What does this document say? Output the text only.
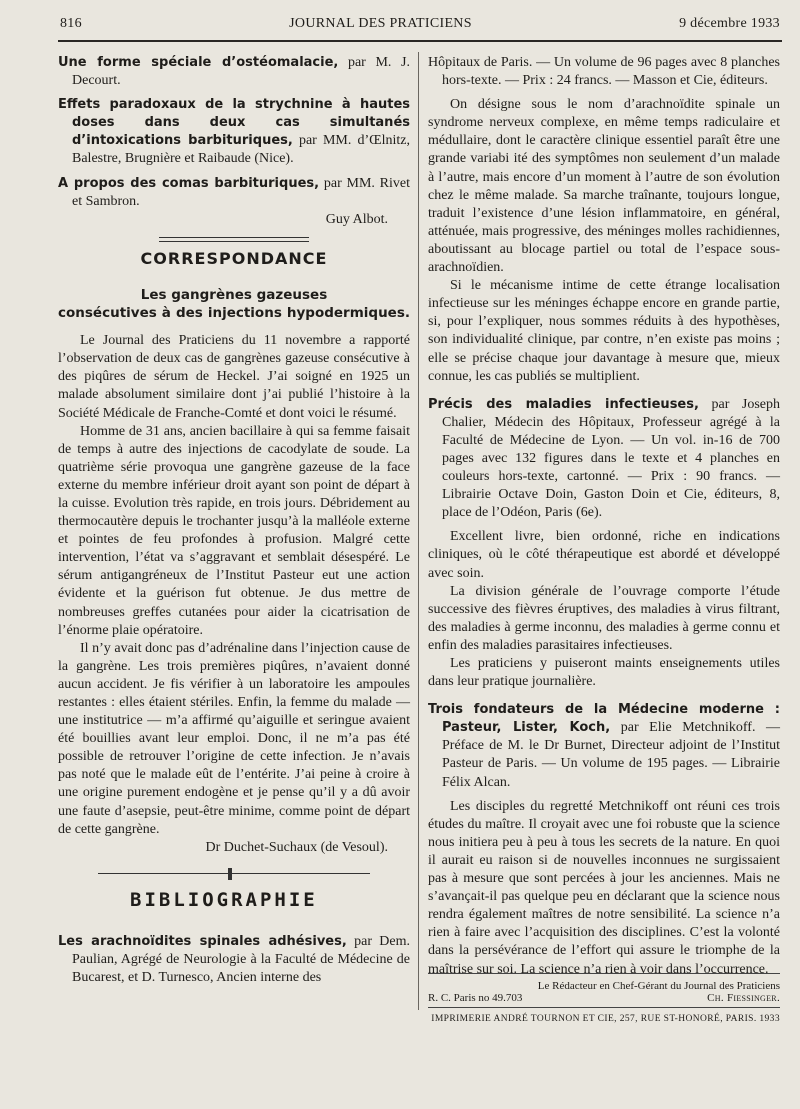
816	JOURNAL DES PRATICIENS	9 décembre 1933

Une forme spéciale d’ostéomalacie, par M. J. Decourt.

Effets paradoxaux de la strychnine à hautes doses dans deux cas simultanés d’intoxications barbituriques, par MM. d’Œlnitz, Balestre, Brugnière et Raibaude (Nice).

A propos des comas barbituriques, par MM. Rivet et Sambron.

Guy Albot.

CORRESPONDANCE

Les gangrènes gazeuses

consécutives à des injections hypodermiques.

Le Journal des Praticiens du 11 novembre a rapporté l’observation de deux cas de gangrènes gazeuse consécutive à des piqûres de sérum de Heckel. J’ai soigné en 1925 un malade absolument similaire dont j’ai publié l’histoire à la Société Médicale de Franche-Comté et dont voici le résumé.

Homme de 31 ans, ancien bacillaire à qui sa femme faisait de temps à autre des injections de cacodylate de soude. La quatrième série provoqua une gangrène gazeuse de la face externe du membre inférieur droit ayant son point de départ à la cuisse. Evolution très rapide, en trois jours. Débridement au thermocautère depuis le trochanter jusqu’à la malléole externe et pointes de feu profondes à profusion. Malgré cette intervention, l’état va s’aggravant et semblait désespéré. Le sérum antigangréneux de l’Institut Pasteur eut une action évidente et la guérison fut obtenue. Je dus mettre de nombreuses greffes cutanées pour aider la cicatrisation de l’énorme plaie opératoire.

Il n’y avait donc pas d’adrénaline dans l’injection cause de la gangrène. Les trois premières piqûres, n’avaient donné aucun accident. Je fis vérifier à un laboratoire les ampoules restantes : elles étaient stériles. Enfin, la femme du malade — une institutrice — m’a affirmé qu’aiguille et seringue avaient été bouillies avant leur emploi. Donc, il ne m’a pas été possible de retrouver l’origine de cette infection. Je n’avais pas noté que le malade eût de l’entérite. J’ai peine à croire à une origine purement endogène et je pense qu’il y a dû avoir une faute d’asepsie, peut-être minime, comme point de départ de cette gangrène.

Dr Duchet-Suchaux (de Vesoul).

BIBLIOGRAPHIE

Les arachnoïdites spinales adhésives, par Dem. Paulian, Agrégé de Neurologie à la Faculté de Médecine de Bucarest, et D. Turnesco, Ancien interne des

Hôpitaux de Paris. — Un volume de 96 pages avec 8 planches hors-texte. — Prix : 24 francs. — Masson et Cie, éditeurs.

On désigne sous le nom d’arachnoïdite spinale un syndrome nerveux complexe, en même temps radiculaire et médullaire, dont le caractère clinique essentiel paraît être une grande variabi ité des symptômes non seulement d’un malade à l’autre, mais encore d’un moment à l’autre de son évolution chez le même malade. Sa marche traînante, toujours longue, traduit l’existence d’une lésion inflammatoire, en général, atténuée, mais progressive, des méninges molles rachidiennes, aboutissant au blocage partiel ou total de l’espace sous-arachnoïdien.

Si le mécanisme intime de cette étrange localisation infectieuse sur les méninges échappe encore en grande partie, si, pour l’expliquer, nous sommes réduits à des hypothèses, son individualité clinique, par contre, n’en existe pas moins ; elle se précise chaque jour davantage à mesure que, mieux connue, les cas publiés se multiplient.

Précis des maladies infectieuses, par Joseph Chalier, Médecin des Hôpitaux, Professeur agrégé à la Faculté de Médecine de Lyon. — Un vol. in-16 de 700 pages avec 132 figures dans le texte et 4 planches en couleurs hors-texte, cartonné. — Prix : 90 francs. — Librairie Octave Doin, Gaston Doin et Cie, éditeurs, 8, place de l’Odéon, Paris (6e).

Excellent livre, bien ordonné, riche en indications cliniques, où le côté thérapeutique est abordé et développé avec soin.

La division générale de l’ouvrage comporte l’étude successive des fièvres éruptives, des maladies à virus filtrant, des maladies à germe inconnu, des maladies à germe connu et enfin des maladies parasitaires infectieuses.

Les praticiens y puiseront maints enseignements utiles dans leur pratique journalière.

Trois fondateurs de la Médecine moderne : Pasteur, Lister, Koch, par Elie Metchnikoff. — Préface de M. le Dr Burnet, Directeur adjoint de l’Institut Pasteur de Paris. — Un volume de 195 pages. — Librairie Félix Alcan.

Les disciples du regretté Metchnikoff ont réuni ces trois études du maître. Il croyait avec une foi robuste que la science nous initiera peu à peu à tous les secrets de la nature. En quoi il aurait eu raison si de nouvelles inconnues ne surgissaient pas à mesure que sont percées à jour les anciennes. Mais ne s’avançait-il pas quelque peu en déclarant que la science nous rendra également maîtres de notre sensibilité. La science n’a rien à faire avec l’acquisition des disciplines. C’est la volonté dans la persévérance de l’effort qui assure le triomphe de la maîtrise sur soi. La science n’a rien à voir dans l’occurrence.

Le Rédacteur en Chef-Gérant du Journal des Praticiens

R. C. Paris no 49.703	Ch. Fiessinger.

IMPRIMERIE ANDRÉ TOURNON ET CIE, 257, RUE ST-HONORÉ, PARIS. 1933
